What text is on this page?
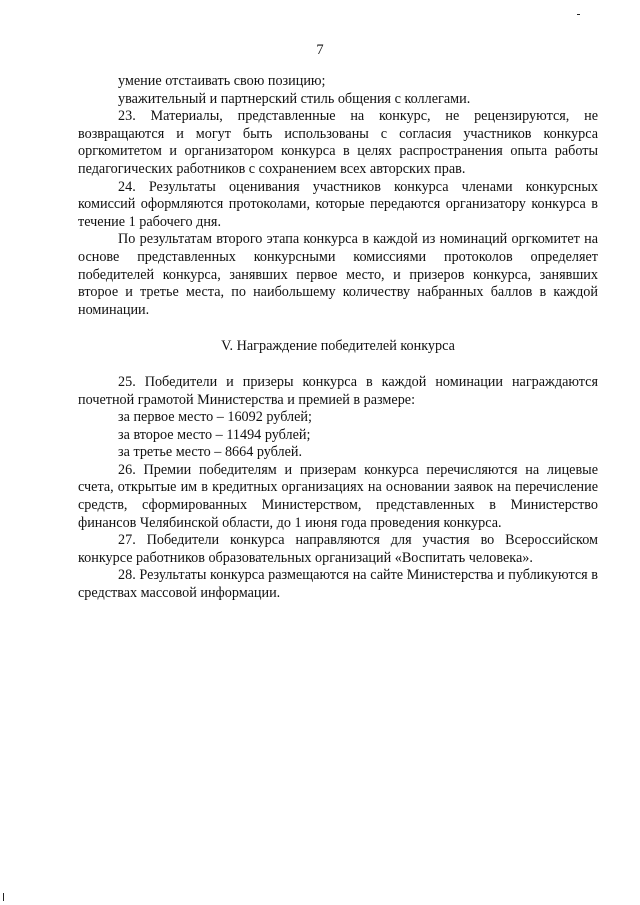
7

умение отстаивать свою позицию;

уважительный и партнерский стиль общения с коллегами.

23. Материалы, представленные на конкурс, не рецензируются, не возвращаются и могут быть использованы с согласия участников конкурса оргкомитетом и организатором конкурса в целях распространения опыта работы педагогических работников с сохранением всех авторских прав.

24. Результаты оценивания участников конкурса членами конкурсных комиссий оформляются протоколами, которые передаются организатору конкурса в течение 1 рабочего дня.

По результатам второго этапа конкурса в каждой из номинаций оргкомитет на основе представленных конкурсными комиссиями протоколов определяет победителей конкурса, занявших первое место, и призеров конкурса, занявших второе и третье места, по наибольшему количеству набранных баллов в каждой номинации.

V. Награждение победителей конкурса

25. Победители и призеры конкурса в каждой номинации награждаются почетной грамотой Министерства и премией в размере:

за первое место – 16092 рублей;

за второе место – 11494 рублей;

за третье место – 8664 рублей.

26. Премии победителям и призерам конкурса перечисляются на лицевые счета, открытые им в кредитных организациях на основании заявок на перечисление средств, сформированных Министерством, представленных в Министерство финансов Челябинской области, до 1 июня года проведения конкурса.

27. Победители конкурса направляются для участия во Всероссийском конкурсе работников образовательных организаций «Воспитать человека».

28. Результаты конкурса размещаются на сайте Министерства и публикуются в средствах массовой информации.
